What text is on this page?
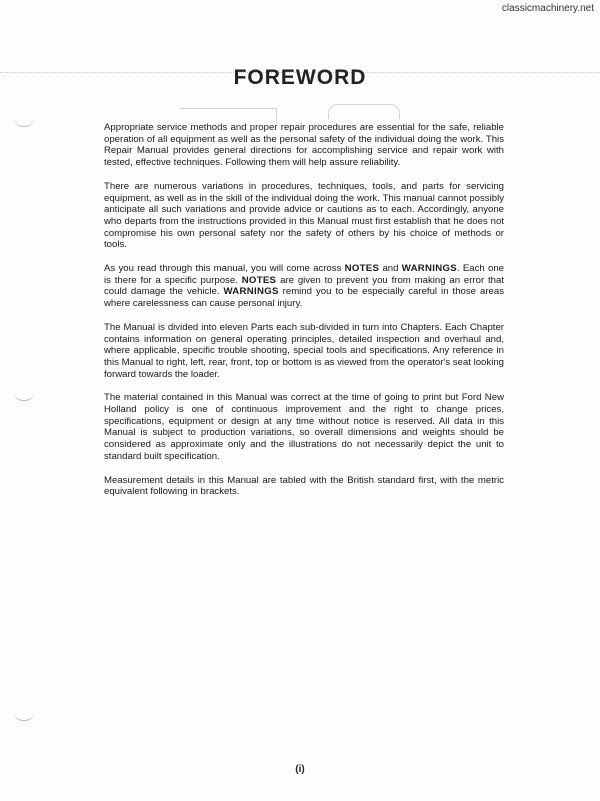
classicmachinery.net
FOREWORD

Appropriate service methods and proper repair procedures are essential for the safe, reliable operation of all equipment as well as the personal safety of the individual doing the work. This Repair Manual provides general directions for accomplishing service and repair work with tested, effective techniques. Following them will help assure reliability.

There are numerous variations in procedures, techniques, tools, and parts for servicing equipment, as well as in the skill of the individual doing the work. This manual cannot possibly anticipate all such variations and provide advice or cautions as to each. Accordingly, anyone who departs from the instructions provided in this Manual must first establish that he does not compromise his own personal safety nor the safety of others by his choice of methods or tools.

As you read through this manual, you will come across NOTES and WARNINGS. Each one is there for a specific purpose. NOTES are given to prevent you from making an error that could damage the vehicle. WARNINGS remind you to be especially careful in those areas where carelessness can cause personal injury.

The Manual is divided into eleven Parts each sub-divided in turn into Chapters. Each Chapter contains information on general operating principles, detailed inspection and overhaul and, where applicable, specific trouble shooting, special tools and specifications. Any reference in this Manual to right, left, rear, front, top or bottom is as viewed from the operator's seat looking forward towards the loader.

The material contained in this Manual was correct at the time of going to print but Ford New Holland policy is one of continuous improvement and the right to change prices, specifications, equipment or design at any time without notice is reserved. All data in this Manual is subject to production variations, so overall dimensions and weights should be considered as approximate only and the illustrations do not necessarily depict the unit to standard built specification.

Measurement details in this Manual are tabled with the British standard first, with the metric equivalent following in brackets.

(i)
